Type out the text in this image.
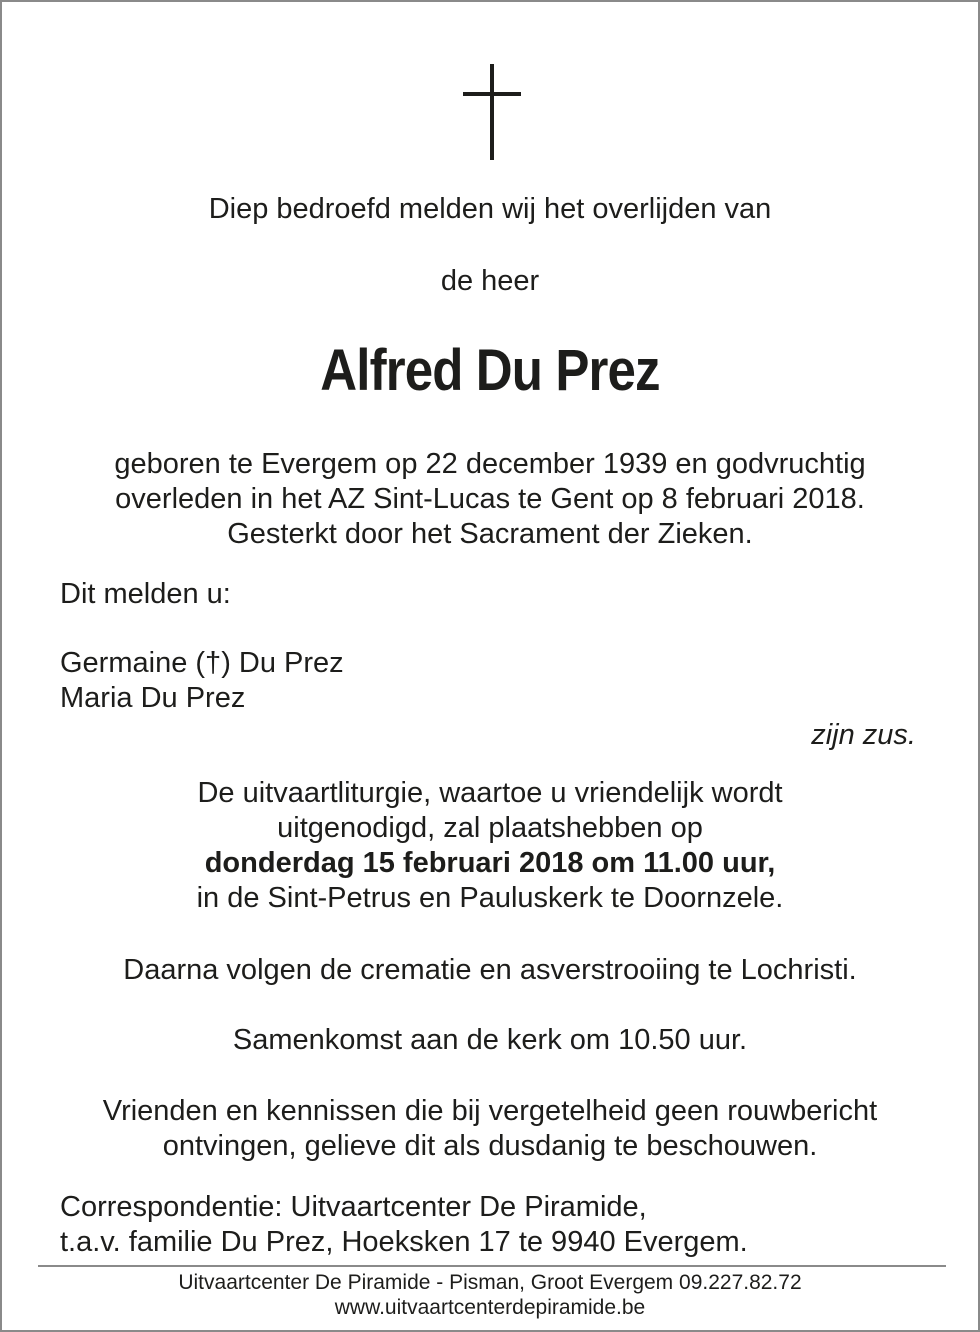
Diep bedroefd melden wij het overlijden van
de heer
Alfred Du Prez
geboren te Evergem op 22 december 1939 en godvruchtig
overleden in het AZ Sint-Lucas te Gent op 8 februari 2018.
Gesterkt door het Sacrament der Zieken.
Dit melden u:
Germaine (†) Du Prez
Maria Du Prez
zijn zus.
De uitvaartliturgie, waartoe u vriendelijk wordt
uitgenodigd, zal plaatshebben op
donderdag 15 februari 2018 om 11.00 uur,
in de Sint-Petrus en Pauluskerk te Doornzele.
Daarna volgen de crematie en asverstrooiing te Lochristi.
Samenkomst aan de kerk om 10.50 uur.
Vrienden en kennissen die bij vergetelheid geen rouwbericht
ontvingen, gelieve dit als dusdanig te beschouwen.
Correspondentie: Uitvaartcenter De Piramide,
t.a.v. familie Du Prez, Hoeksken 17 te 9940 Evergem.
Uitvaartcenter De Piramide - Pisman, Groot Evergem 09.227.82.72
www.uitvaartcenterdepiramide.be
